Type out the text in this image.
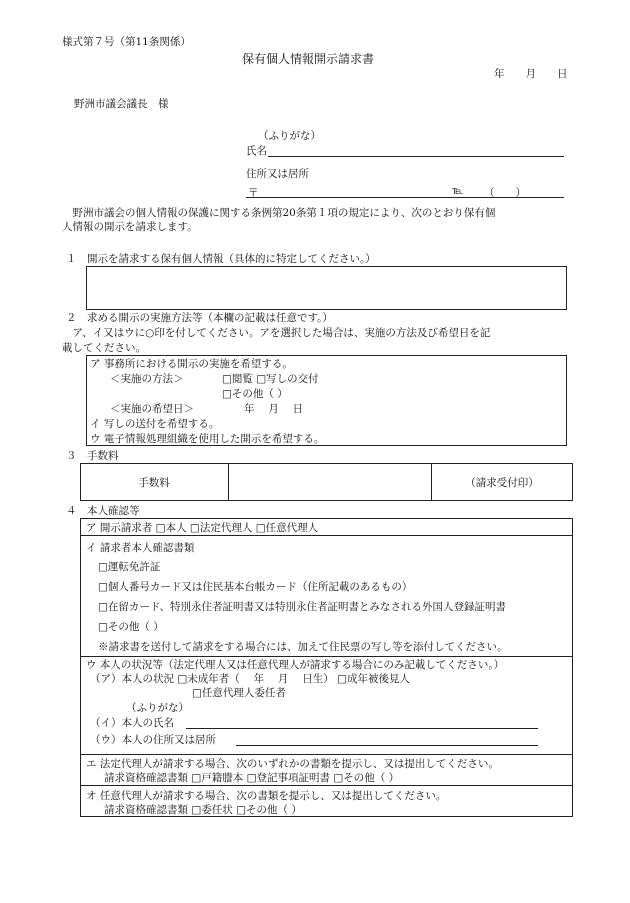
様式第７号（第11条関係）
保有個人情報開示請求書
年　　月　　日
野洲市議会議長　様
（ふりがな）
氏名
住所又は居所
〒	℡ （　　）
　野洲市議会の個人情報の保護に関する条例第20条第１項の規定により、次のとおり保有個
人情報の開示を請求します。
１　開示を請求する保有個人情報（具体的に特定してください。）
２　求める開示の実施方法等（本欄の記載は任意です。）
　ア、イ又はウに○印を付してください。アを選択した場合は、実施の方法及び希望日を記
載してください。
ア 事務所における開示の実施を希望する。
＜実施の方法＞	□閲覧 □写しの交付
□その他（ ）
＜実施の希望日＞	年　 月　 日
イ 写しの送付を希望する。
ウ 電子情報処理組織を使用した開示を希望する。
３　手数料
手数料	（請求受付印）
４　本人確認等
ア 開示請求者 □本人 □法定代理人 □任意代理人
イ 請求者本人確認書類
□運転免許証
□個人番号カード又は住民基本台帳カード（住所記載のあるもの）
□在留カード、特別永住者証明書又は特別永住者証明書とみなされる外国人登録証明書
□その他（ ）
※請求書を送付して請求をする場合には、加えて住民票の写し等を添付してください。
ウ 本人の状況等（法定代理人又は任意代理人が請求する場合にのみ記載してください。）
（ア）本人の状況 □未成年者（　 年　 月　 日生） □成年被後見人
□任意代理人委任者
（ふりがな）
（イ）本人の氏名
（ウ）本人の住所又は居所
エ 法定代理人が請求する場合、次のいずれかの書類を提示し、又は提出してください。
請求資格確認書類 □戸籍謄本 □登記事項証明書 □その他（ ）
オ 任意代理人が請求する場合、次の書類を提示し、又は提出してください。
請求資格確認書類 □委任状 □その他（ ）
